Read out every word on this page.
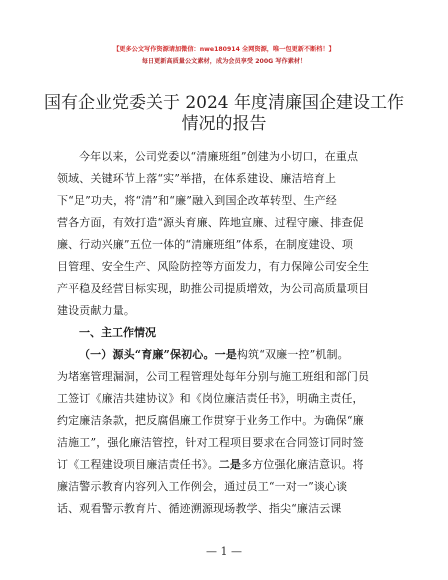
【更多公文写作资源请加微信：nwe180914 全网资源，唯一包更新不断档！】
每日更新高质量公文素材，成为会员享受 200G 写作素材！
国有企业党委关于 2024 年度清廉国企建设工作
情况的报告
今年以来，公司党委以“清廉班组”创建为小切口，在重点
领域、关键环节上落“实”举措，在体系建设、廉洁培育上
下“足”功夫，将“清”和“廉”融入到国企改革转型、生产经
营各方面，有效打造“源头育廉、阵地宣廉、过程守廉、排查促
廉、行动兴廉”五位一体的“清廉班组”体系，在制度建设、项
目管理、安全生产、风险防控等方面发力，有力保障公司安全生
产平稳及经营目标实现，助推公司提质增效，为公司高质量项目
建设贡献力量。
一、主工作情况
（一）源头“育廉”保初心。一是构筑“双廉一控”机制。
为堵塞管理漏洞，公司工程管理处每年分别与施工班组和部门员
工签订《廉洁共建协议》和《岗位廉洁责任书》，明确主责任，
约定廉洁条款，把反腐倡廉工作贯穿于业务工作中。为确保“廉
洁施工”，强化廉洁管控，针对工程项目要求在合同签订同时签
订《工程建设项目廉洁责任书》。二是多方位强化廉洁意识。将
廉洁警示教育内容列入工作例会，通过员工“一对一”谈心谈
话、观看警示教育片、循迹溯源现场教学、指尖“廉洁云课
— 1 —
